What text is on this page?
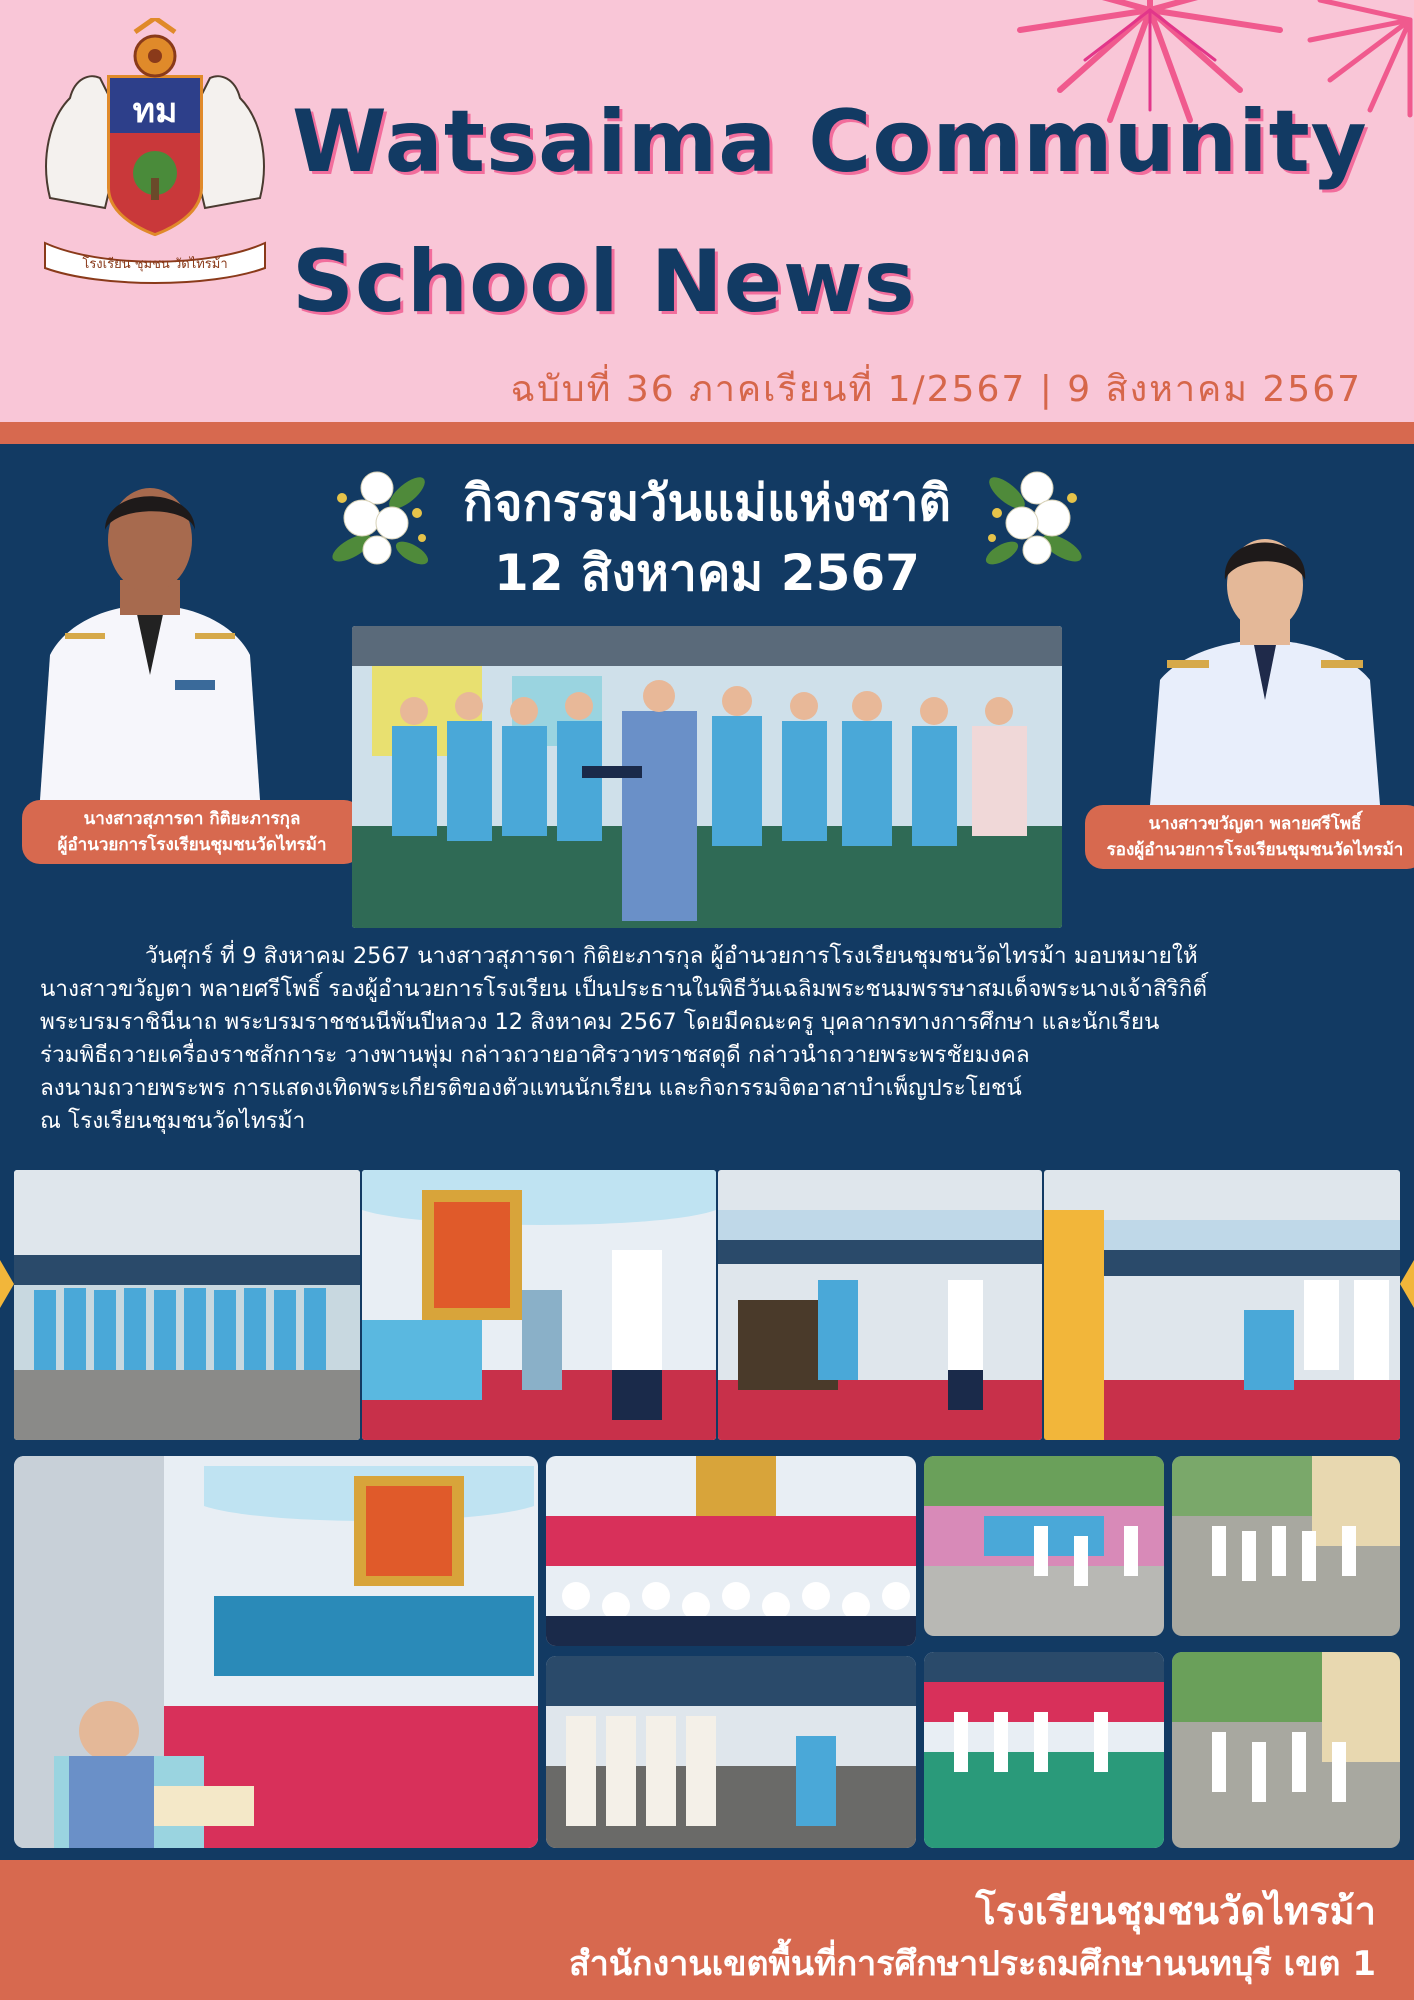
ทม
โรงเรียน ชุมชน วัดไทรม้า
Watsaima Community
School News
ฉบับที่ 36 ภาคเรียนที่ 1/2567 | 9 สิงหาคม 2567
กิจกรรมวันแม่แห่งชาติ
12 สิงหาคม 2567
นางสาวสุภารดา กิติยะภารกุล
ผู้อำนวยการโรงเรียนชุมชนวัดไทรม้า
นางสาวขวัญตา พลายศรีโพธิ์
รองผู้อำนวยการโรงเรียนชุมชนวัดไทรม้า

วันศุกร์ ที่ 9 สิงหาคม 2567 นางสาวสุภารดา กิติยะภารกุล ผู้อำนวยการโรงเรียนชุมชนวัดไทรม้า มอบหมายให้

นางสาวขวัญตา พลายศรีโพธิ์ รองผู้อำนวยการโรงเรียน เป็นประธานในพิธีวันเฉลิมพระชนมพรรษาสมเด็จพระนางเจ้าสิริกิติ์

พระบรมราชินีนาถ พระบรมราชชนนีพันปีหลวง 12 สิงหาคม 2567 โดยมีคณะครู บุคลากรทางการศึกษา และนักเรียน

ร่วมพิธีถวายเครื่องราชสักการะ วางพานพุ่ม กล่าวถวายอาศิรวาทราชสดุดี กล่าวนำถวายพระพรชัยมงคล

ลงนามถวายพระพร การแสดงเทิดพระเกียรติของตัวแทนนักเรียน และกิจกรรมจิตอาสาบำเพ็ญประโยชน์

ณ โรงเรียนชุมชนวัดไทรม้า

โรงเรียนชุมชนวัดไทรม้า
สำนักงานเขตพื้นที่การศึกษาประถมศึกษานนทบุรี เขต 1
